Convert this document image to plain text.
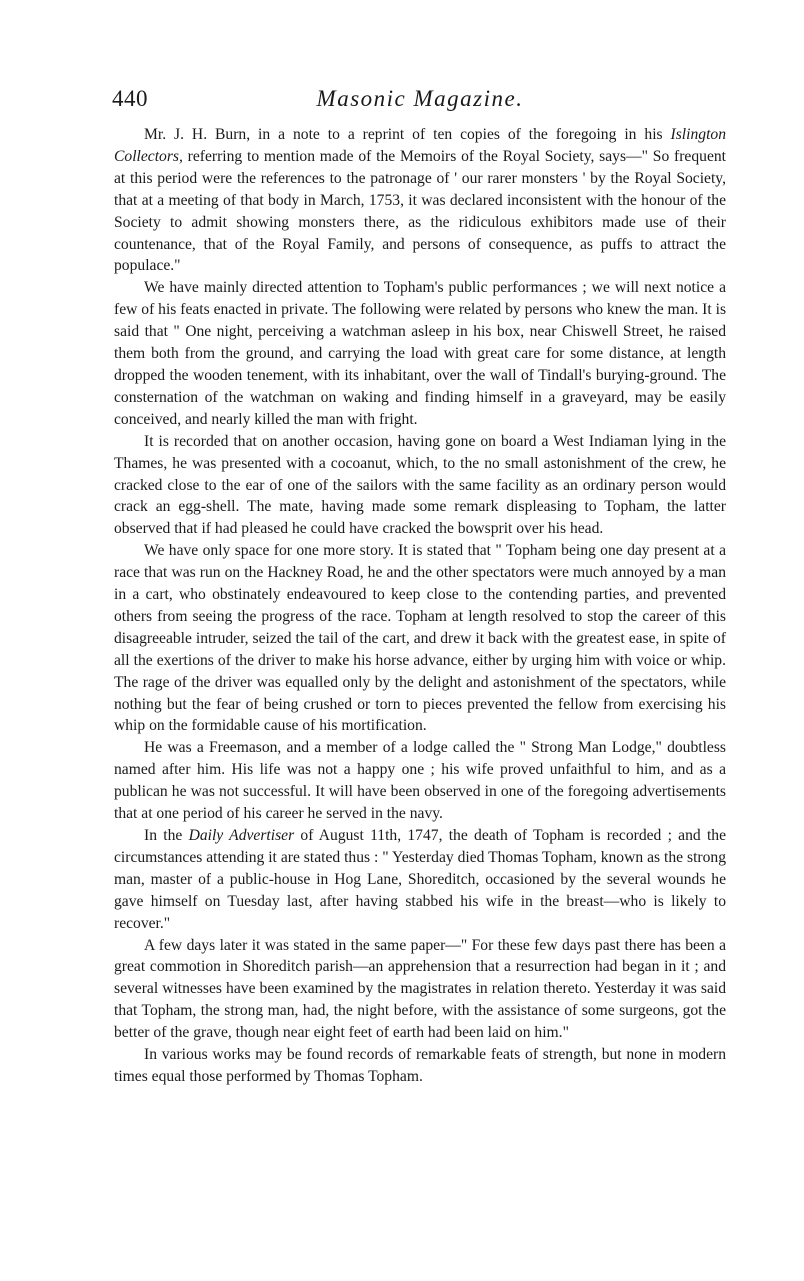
440	Masonic Magazine.

Mr. J. H. Burn, in a note to a reprint of ten copies of the foregoing in his Islington Collectors, referring to mention made of the Memoirs of the Royal Society, says—" So frequent at this period were the references to the patronage of ' our rarer monsters ' by the Royal Society, that at a meeting of that body in March, 1753, it was declared inconsistent with the honour of the Society to admit showing monsters there, as the ridiculous exhibitors made use of their countenance, that of the Royal Family, and persons of consequence, as puffs to attract the populace."

We have mainly directed attention to Topham's public performances ; we will next notice a few of his feats enacted in private. The following were related by persons who knew the man. It is said that " One night, perceiving a watchman asleep in his box, near Chiswell Street, he raised them both from the ground, and carrying the load with great care for some distance, at length dropped the wooden tenement, with its inhabitant, over the wall of Tindall's burying-ground. The consternation of the watchman on waking and finding himself in a graveyard, may be easily conceived, and nearly killed the man with fright.

It is recorded that on another occasion, having gone on board a West Indiaman lying in the Thames, he was presented with a cocoanut, which, to the no small astonishment of the crew, he cracked close to the ear of one of the sailors with the same facility as an ordinary person would crack an egg-shell. The mate, having made some remark displeasing to Topham, the latter observed that if had pleased he could have cracked the bowsprit over his head.

We have only space for one more story. It is stated that " Topham being one day present at a race that was run on the Hackney Road, he and the other spectators were much annoyed by a man in a cart, who obstinately endeavoured to keep close to the contending parties, and prevented others from seeing the progress of the race. Topham at length resolved to stop the career of this disagreeable intruder, seized the tail of the cart, and drew it back with the greatest ease, in spite of all the exertions of the driver to make his horse advance, either by urging him with voice or whip. The rage of the driver was equalled only by the delight and astonishment of the spectators, while nothing but the fear of being crushed or torn to pieces prevented the fellow from exercising his whip on the formidable cause of his mortification.

He was a Freemason, and a member of a lodge called the " Strong Man Lodge," doubtless named after him. His life was not a happy one ; his wife proved unfaithful to him, and as a publican he was not successful. It will have been observed in one of the foregoing advertisements that at one period of his career he served in the navy.

In the Daily Advertiser of August 11th, 1747, the death of Topham is recorded ; and the circumstances attending it are stated thus : " Yesterday died Thomas Topham, known as the strong man, master of a public-house in Hog Lane, Shoreditch, occasioned by the several wounds he gave himself on Tuesday last, after having stabbed his wife in the breast—who is likely to recover."

A few days later it was stated in the same paper—" For these few days past there has been a great commotion in Shoreditch parish—an apprehension that a resurrection had began in it ; and several witnesses have been examined by the magistrates in relation thereto. Yesterday it was said that Topham, the strong man, had, the night before, with the assistance of some surgeons, got the better of the grave, though near eight feet of earth had been laid on him."

In various works may be found records of remarkable feats of strength, but none in modern times equal those performed by Thomas Topham.
